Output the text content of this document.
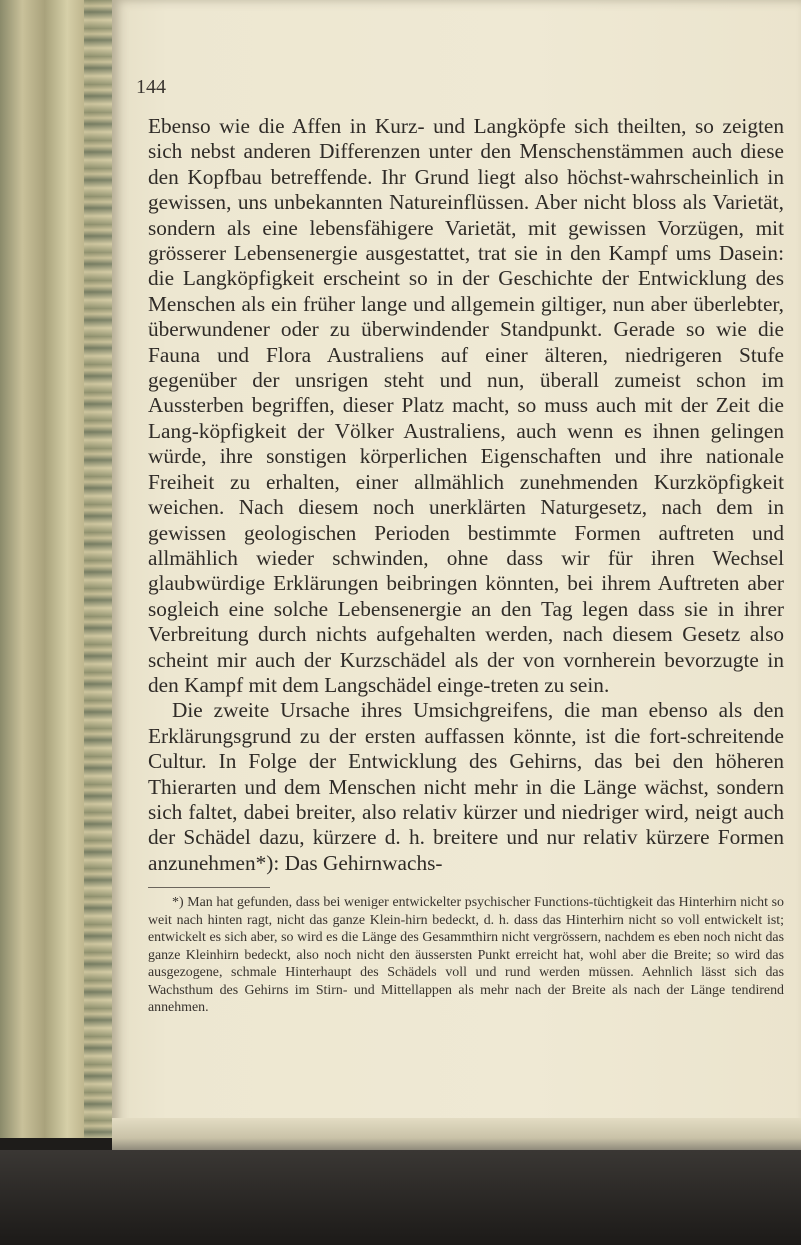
144

Ebenso wie die Affen in Kurz- und Langköpfe sich theilten, so zeigten sich nebst anderen Differenzen unter den Menschenstämmen auch diese den Kopfbau betreffende. Ihr Grund liegt also höchst-wahrscheinlich in gewissen, uns unbekannten Natureinflüssen. Aber nicht bloss als Varietät, sondern als eine lebensfähigere Varietät, mit gewissen Vorzügen, mit grösserer Lebensenergie ausgestattet, trat sie in den Kampf ums Dasein: die Langköpfigkeit erscheint so in der Geschichte der Entwicklung des Menschen als ein früher lange und allgemein giltiger, nun aber überlebter, überwundener oder zu überwindender Standpunkt. Gerade so wie die Fauna und Flora Australiens auf einer älteren, niedrigeren Stufe gegenüber der unsrigen steht und nun, überall zumeist schon im Aussterben begriffen, dieser Platz macht, so muss auch mit der Zeit die Lang-köpfigkeit der Völker Australiens, auch wenn es ihnen gelingen würde, ihre sonstigen körperlichen Eigenschaften und ihre nationale Freiheit zu erhalten, einer allmählich zunehmenden Kurzköpfigkeit weichen. Nach diesem noch unerklärten Naturgesetz, nach dem in gewissen geologischen Perioden bestimmte Formen auftreten und allmählich wieder schwinden, ohne dass wir für ihren Wechsel glaubwürdige Erklärungen beibringen könnten, bei ihrem Auftreten aber sogleich eine solche Lebensenergie an den Tag legen dass sie in ihrer Verbreitung durch nichts aufgehalten werden, nach diesem Gesetz also scheint mir auch der Kurzschädel als der von vornherein bevorzugte in den Kampf mit dem Langschädel einge-treten zu sein.

Die zweite Ursache ihres Umsichgreifens, die man ebenso als den Erklärungsgrund zu der ersten auffassen könnte, ist die fort-schreitende Cultur. In Folge der Entwicklung des Gehirns, das bei den höheren Thierarten und dem Menschen nicht mehr in die Länge wächst, sondern sich faltet, dabei breiter, also relativ kürzer und niedriger wird, neigt auch der Schädel dazu, kürzere d. h. breitere und nur relativ kürzere Formen anzunehmen*): Das Gehirnwachs-

*) Man hat gefunden, dass bei weniger entwickelter psychischer Functions-tüchtigkeit das Hinterhirn nicht so weit nach hinten ragt, nicht das ganze Klein-hirn bedeckt, d. h. dass das Hinterhirn nicht so voll entwickelt ist; entwickelt es sich aber, so wird es die Länge des Gesammthirn nicht vergrössern, nachdem es eben noch nicht das ganze Kleinhirn bedeckt, also noch nicht den äussersten Punkt erreicht hat, wohl aber die Breite; so wird das ausgezogene, schmale Hinterhaupt des Schädels voll und rund werden müssen. Aehnlich lässt sich das Wachsthum des Gehirns im Stirn- und Mittellappen als mehr nach der Breite als nach der Länge tendirend annehmen.
